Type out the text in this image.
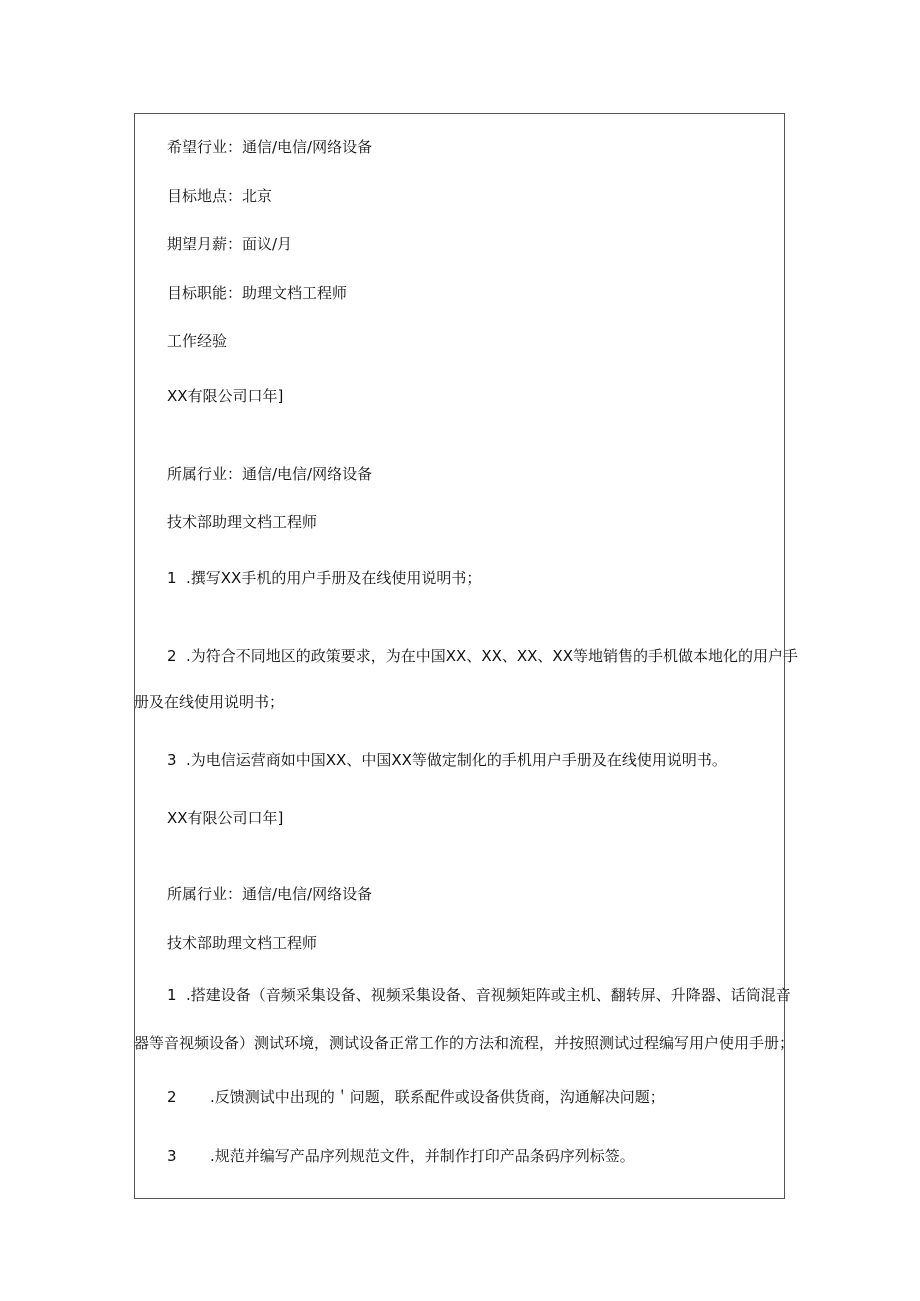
希望行业：通信/电信/网络设备
目标地点：北京
期望月薪：面议/月
目标职能：助理文档工程师
工作经验
XX有限公司口年]
所属行业：通信/电信/网络设备
技术部助理文档工程师
1 .撰写XX手机的用户手册及在线使用说明书；
2 .为符合不同地区的政策要求，为在中国XX、XX、XX、XX等地销售的手机做本地化的用户手
册及在线使用说明书；
3 .为电信运营商如中国XX、中国XX等做定制化的手机用户手册及在线使用说明书。
XX有限公司口年]
所属行业：通信/电信/网络设备
技术部助理文档工程师
1 .搭建设备（音频采集设备、视频采集设备、音视频矩阵或主机、翻转屏、升降器、话筒混音
器等音视频设备）测试环境，测试设备正常工作的方法和流程，并按照测试过程编写用户使用手册；
2 .反馈测试中出现的＇问题，联系配件或设备供货商，沟通解决问题；
3 .规范并编写产品序列规范文件，并制作打印产品条码序列标签。
